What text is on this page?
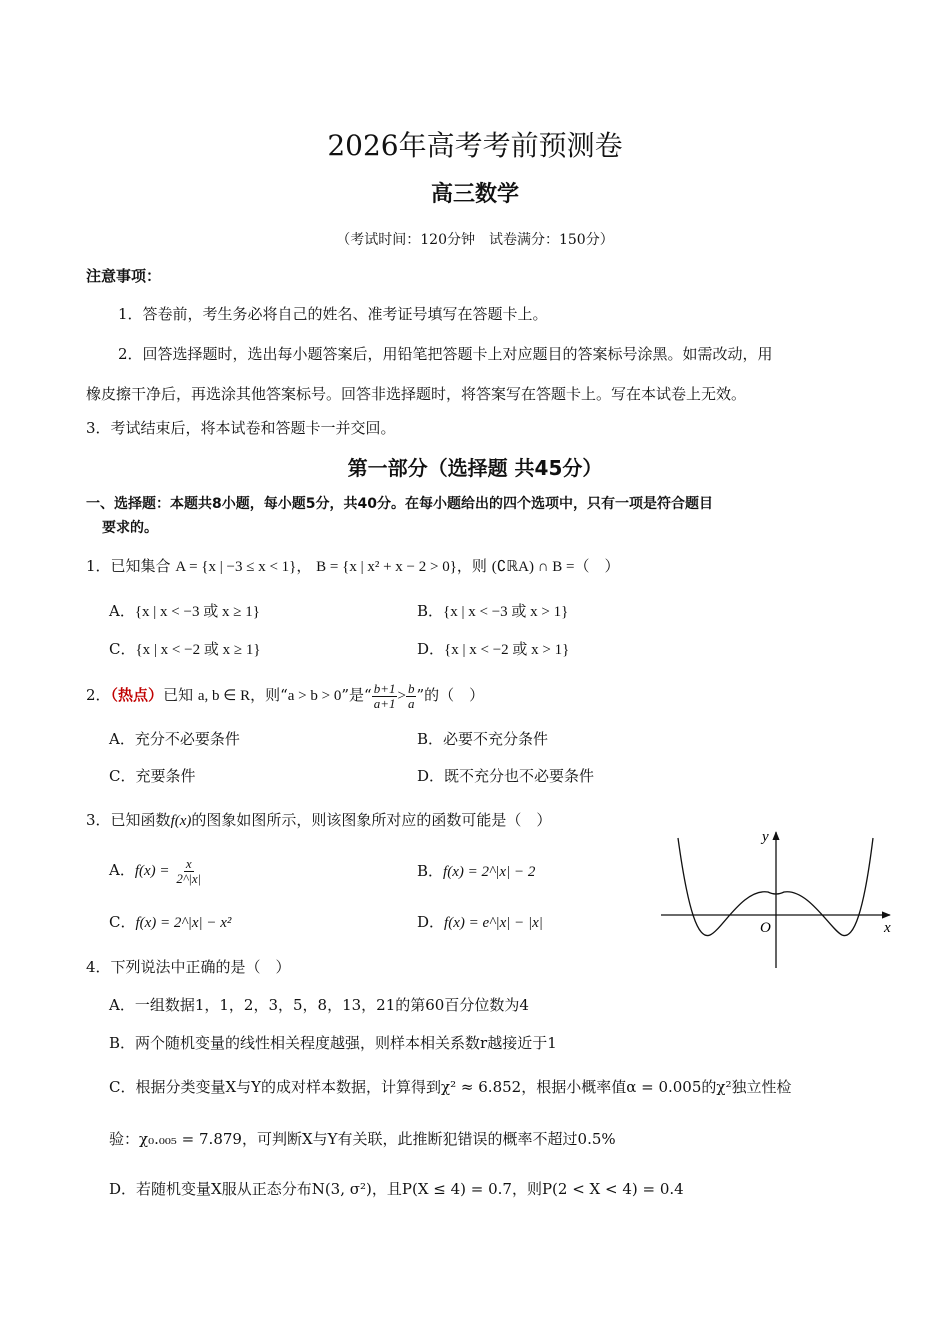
2026年高考考前预测卷
高三数学
（考试时间：120分钟　试卷满分：150分）
注意事项：
1．答卷前，考生务必将自己的姓名、准考证号填写在答题卡上。
2．回答选择题时，选出每小题答案后，用铅笔把答题卡上对应题目的答案标号涂黑。如需改动，用
橡皮擦干净后，再选涂其他答案标号。回答非选择题时，将答案写在答题卡上。写在本试卷上无效。
3．考试结束后，将本试卷和答题卡一并交回。
第一部分（选择题 共45分）
一、选择题：本题共8小题，每小题5分，共40分。在每小题给出的四个选项中，只有一项是符合题目
要求的。
1．已知集合 A = {x | −3 ≤ x < 1}， B = {x | x² + x − 2 > 0}，则 (∁ℝA) ∩ B =（　）
A．{x | x < −3 或 x ≥ 1}	B．{x | x < −3 或 x > 1}
C．{x | x < −2 或 x ≥ 1}	D．{x | x < −2 或 x > 1}
2．（热点）已知 a, b ∈ R，则“a > b > 0”是“ $\frac{b+1}{a+1} > \frac{b}{a}$ ”的（　）
A．充分不必要条件	B．必要不充分条件
C．充要条件	D．既不充分也不必要条件
3．已知函数f(x)的图象如图所示，则该图象所对应的函数可能是（　）
A．$f(x) = \frac{x}{2\^{}|x|}$	B．f(x) = 2^|x| − 2
C．f(x) = 2^|x| − x²	D．f(x) = e^|x| − |x|
y
x
O
4．下列说法中正确的是（　）
A．一组数据1，1，2，3，5，8，13，21的第60百分位数为4
B．两个随机变量的线性相关程度越强，则样本相关系数r越接近于1
C．根据分类变量X与Y的成对样本数据，计算得到χ² ≈ 6.852，根据小概率值α = 0.005的χ²独立性检
验：χ₀.₀₀₅ = 7.879，可判断X与Y有关联，此推断犯错误的概率不超过0.5%
D．若随机变量X服从正态分布N(3, σ²)，且P(X ≤ 4) = 0.7，则P(2 < X < 4) = 0.4
